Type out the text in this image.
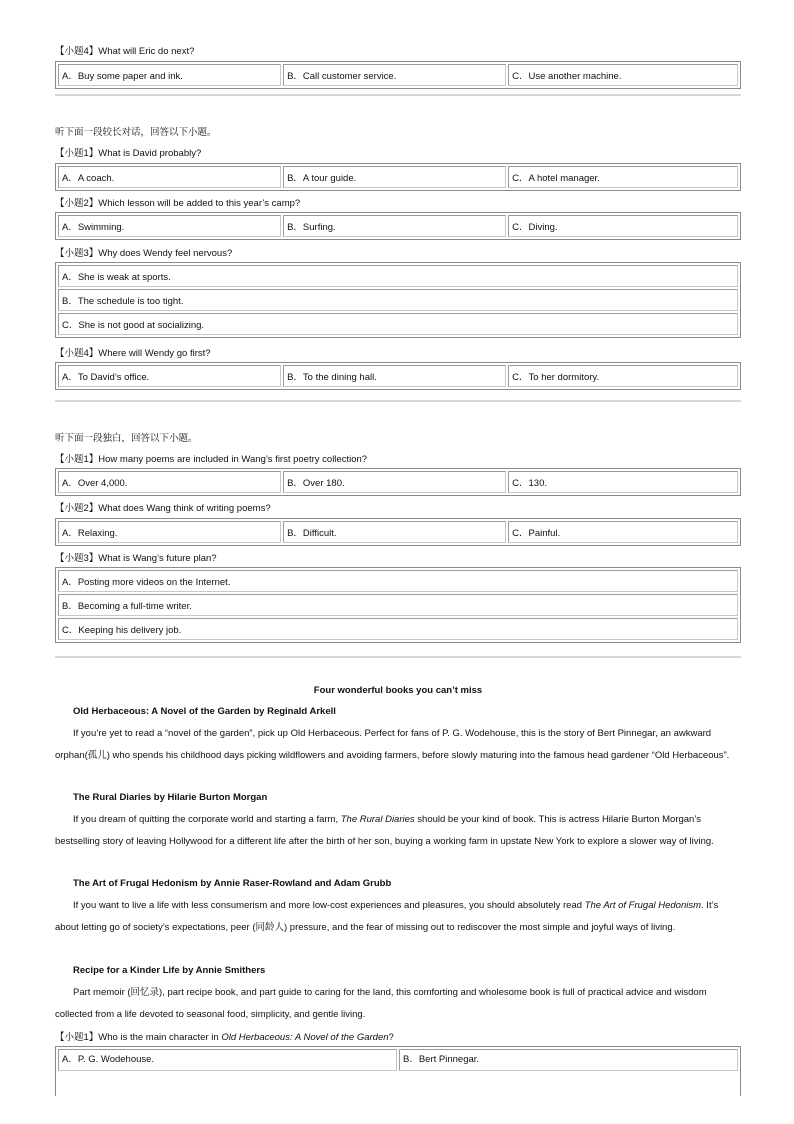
【小题4】What will Eric do next?
A．Buy some paper and ink.	B．Call customer service.	C．Use another machine.
听下面一段较长对话，回答以下小题。
【小题1】What is David probably?
A．A coach.	B．A tour guide.	C．A hotel manager.
【小题2】Which lesson will be added to this year’s camp?
A．Swimming.	B．Surfing.	C．Diving.
【小题3】Why does Wendy feel nervous?
A．She is weak at sports.
B．The schedule is too tight.
C．She is not good at socializing.
【小题4】Where will Wendy go first?
A．To David’s office.	B．To the dining hall.	C．To her dormitory.
听下面一段独白，回答以下小题。
【小题1】How many poems are included in Wang’s first poetry collection?
A．Over 4,000.	B．Over 180.	C．130.
【小题2】What does Wang think of writing poems?
A．Relaxing.	B．Difficult.	C．Painful.
【小题3】What is Wang’s future plan?
A．Posting more videos on the Internet.
B．Becoming a full-time writer.
C．Keeping his delivery job.
Four wonderful books you can’t miss
Old Herbaceous: A Novel of the Garden by Reginald Arkell
If you’re yet to read a “novel of the garden”, pick up Old Herbaceous. Perfect for fans of P. G. Wodehouse, this is the story of Bert Pinnegar, an awkward orphan(孤儿) who spends his childhood days picking wildflowers and avoiding farmers, before slowly maturing into the famous head gardener “Old Herbaceous”.
The Rural Diaries by Hilarie Burton Morgan
If you dream of quitting the corporate world and starting a farm, The Rural Diaries should be your kind of book. This is actress Hilarie Burton Morgan’s bestselling story of leaving Hollywood for a different life after the birth of her son, buying a working farm in upstate New York to explore a slower way of living.
The Art of Frugal Hedonism by Annie Raser-Rowland and Adam Grubb
If you want to live a life with less consumerism and more low-cost experiences and pleasures, you should absolutely read The Art of Frugal Hedonism. It’s about letting go of society’s expectations, peer (同龄人) pressure, and the fear of missing out to rediscover the most simple and joyful ways of living.
Recipe for a Kinder Life by Annie Smithers
Part memoir (回忆录), part recipe book, and part guide to caring for the land, this comforting and wholesome book is full of practical advice and wisdom collected from a life devoted to seasonal food, simplicity, and gentle living.
【小题1】Who is the main character in Old Herbaceous: A Novel of the Garden?
A．P. G. Wodehouse.	B．Bert Pinnegar.
